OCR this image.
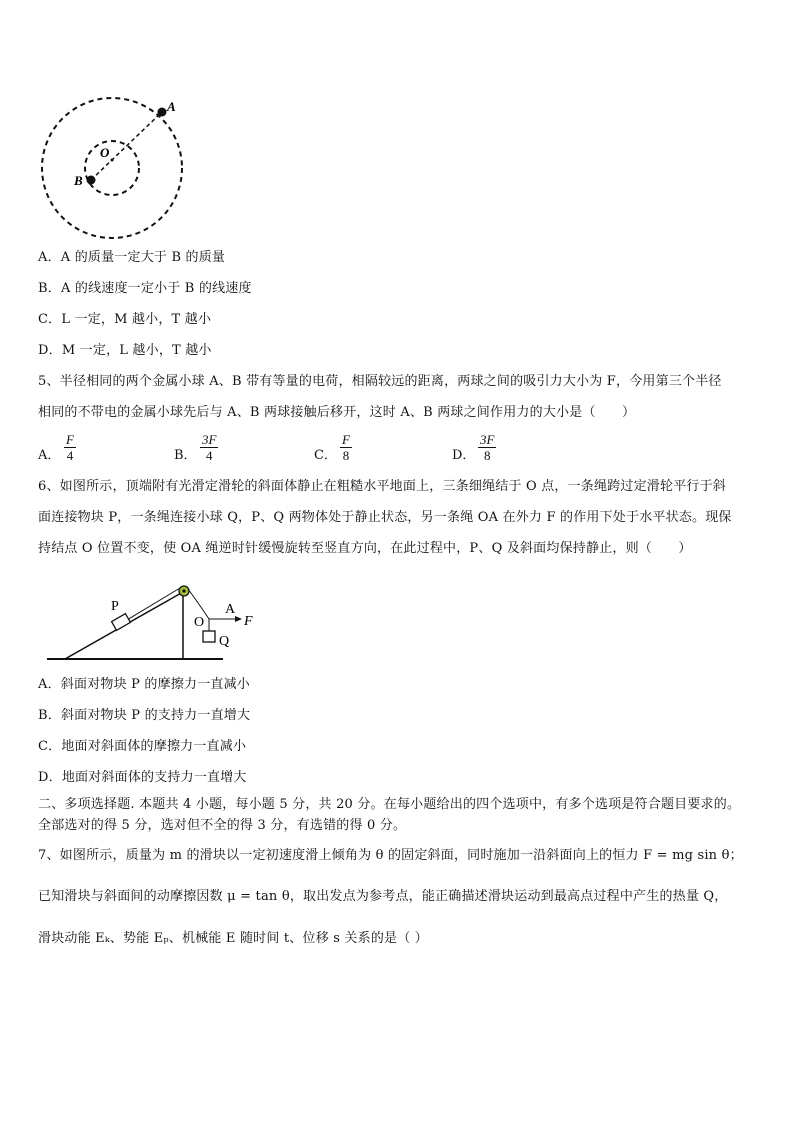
A
B
O
A．A 的质量一定大于 B 的质量
B．A 的线速度一定小于 B 的线速度
C．L 一定，M 越小，T 越小
D．M 一定，L 越小，T 越小
5、半径相同的两个金属小球 A、B 带有等量的电荷，相隔较远的距离，两球之间的吸引力大小为 F，今用第三个半径
相同的不带电的金属小球先后与 A、B 两球接触后移开，这时 A、B 两球之间作用力的大小是（　　）
A． $\frac{F}{4}$	B． $\frac{3F}{4}$	C． $\frac{F}{8}$	D． $\frac{3F}{8}$
6、如图所示，顶端附有光滑定滑轮的斜面体静止在粗糙水平地面上，三条细绳结于 O 点，一条绳跨过定滑轮平行于斜
面连接物块 P，一条绳连接小球 Q，P、Q 两物体处于静止状态，另一条绳 OA 在外力 F 的作用下处于水平状态。现保
持结点 O 位置不变，使 OA 绳逆时针缓慢旋转至竖直方向，在此过程中，P、Q 及斜面均保持静止，则（　　）
P
O
A
F
Q
A．斜面对物块 P 的摩擦力一直减小
B．斜面对物块 P 的支持力一直增大
C．地面对斜面体的摩擦力一直减小
D．地面对斜面体的支持力一直增大
二、多项选择题. 本题共 4 小题，每小题 5 分，共 20 分。在每小题给出的四个选项中，有多个选项是符合题目要求的。
全部选对的得 5 分，选对但不全的得 3 分，有选错的得 0 分。
7、如图所示，质量为 m 的滑块以一定初速度滑上倾角为 θ 的固定斜面，同时施加一沿斜面向上的恒力 F = mg sin θ；
已知滑块与斜面间的动摩擦因数 μ = tan θ，取出发点为参考点，能正确描述滑块运动到最高点过程中产生的热量 Q，
滑块动能 Eₖ、势能 Eₚ、机械能 E 随时间 t、位移 s 关系的是（ ）
